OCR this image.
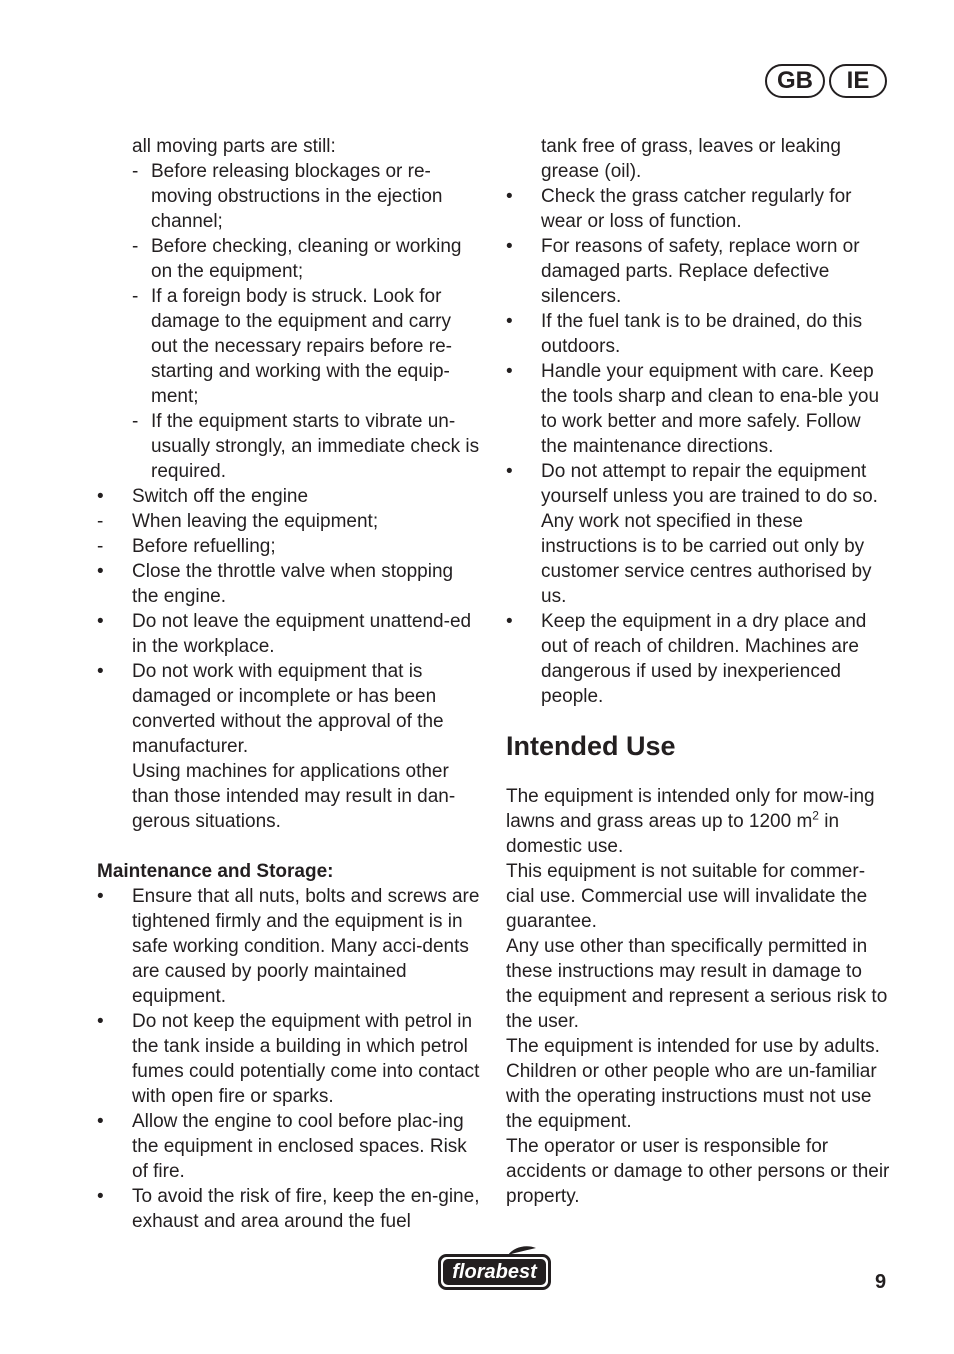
GB	IE
all moving parts are still:
- Before releasing blockages or re-moving obstructions in the ejection channel;
- Before checking, cleaning or working on the equipment;
- If a foreign body is struck. Look for damage to the equipment and carry out the necessary repairs before re-starting and working with the equip-ment;
- If the equipment starts to vibrate un-usually strongly, an immediate check is required.
•	Switch off the engine
-	When leaving the equipment;
-	Before refuelling;
•	Close the throttle valve when stopping the engine.
•	Do not leave the equipment unattend-ed in the workplace.
•	Do not work with equipment that is damaged or incomplete or has been converted without the approval of the manufacturer.
Using machines for applications other than those intended may result in dan-gerous situations.
Maintenance and Storage:
•	Ensure that all nuts, bolts and screws are tightened firmly and the equipment is in safe working condition. Many acci-dents are caused by poorly maintained equipment.
•	Do not keep the equipment with petrol in the tank inside a building in which petrol fumes could potentially come into contact with open fire or sparks.
•	Allow the engine to cool before plac-ing the equipment in enclosed spaces. Risk of fire.
•	To avoid the risk of fire, keep the en-gine, exhaust and area around the fuel
tank free of grass, leaves or leaking grease (oil).
•	Check the grass catcher regularly for wear or loss of function.
•	For reasons of safety, replace worn or damaged parts. Replace defective silencers.
•	If the fuel tank is to be drained, do this outdoors.
•	Handle your equipment with care. Keep the tools sharp and clean to ena-ble you to work better and more safely. Follow the maintenance directions.
•	Do not attempt to repair the equipment yourself unless you are trained to do so. Any work not specified in these instructions is to be carried out only by customer service centres authorised by us.
•	Keep the equipment in a dry place and out of reach of children. Machines are dangerous if used by inexperienced people.
Intended Use
The equipment is intended only for mow-ing lawns and grass areas up to 1200 $m^2$ in domestic use.
This equipment is not suitable for commer-cial use. Commercial use will invalidate the guarantee.
Any use other than specifically permitted in these instructions may result in damage to the equipment and represent a serious risk to the user.
The equipment is intended for use by adults. Children or other people who are un-familiar with the operating instructions must not use the equipment.
The operator or user is responsible for accidents or damage to other persons or their property.
florabest	9
